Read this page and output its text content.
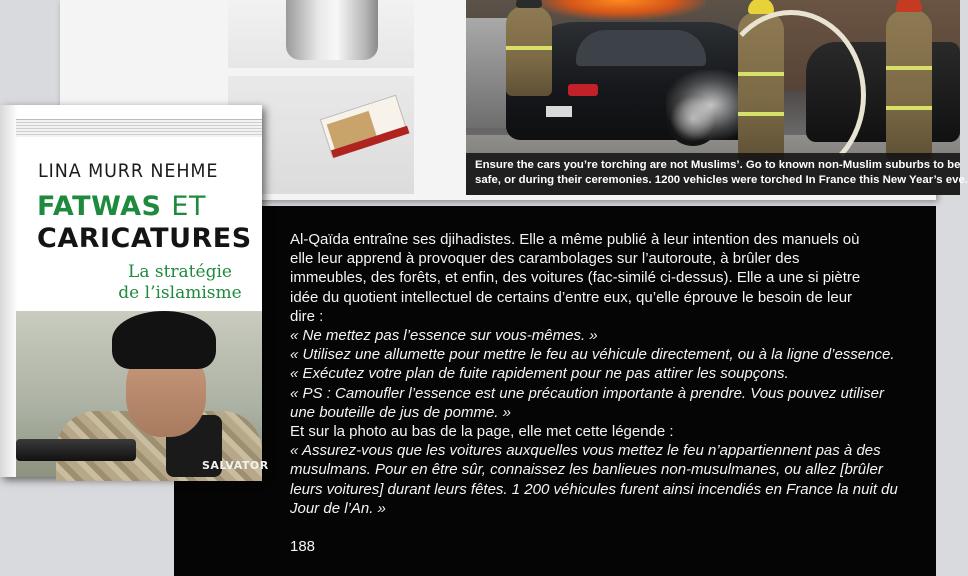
Ensure the cars you’re torching are not Muslims’. Go to known non-Muslim suburbs to be
safe, or during their ceremonies. 1200 vehicles were torched In France this New Year’s eve.
Al-Qaïda entraîne ses djihadistes. Elle a même publié à leur intention des manuels où
elle leur apprend à provoquer des carambolages sur l’autoroute, à brûler des
immeubles, des forêts, et enfin, des voitures (fac-similé ci-dessus). Elle a une si piètre
idée du quotient intellectuel de certains d’entre eux, qu’elle éprouve le besoin de leur
dire :
« Ne mettez pas l’essence sur vous-mêmes. »
« Utilisez une allumette pour mettre le feu au véhicule directement, ou à la ligne d’essence.
« Exécutez votre plan de fuite rapidement pour ne pas attirer les soupçons.
« PS : Camoufler l’essence est une précaution importante à prendre. Vous pouvez utiliser
une bouteille de jus de pomme. »
Et sur la photo au bas de la page, elle met cette légende :
« Assurez-vous que les voitures auxquelles vous mettez le feu n’appartiennent pas à des
musulmans. Pour en être sûr, connaissez les banlieues non-musulmanes, ou allez [brûler
leurs voitures] durant leurs fêtes. 1 200 véhicules furent ainsi incendiés en France la nuit du
Jour de l’An. »
188
LINA MURR NEHME
FATWAS ET
CARICATURES
La stratégie
de l’islamisme
SALVATOR
